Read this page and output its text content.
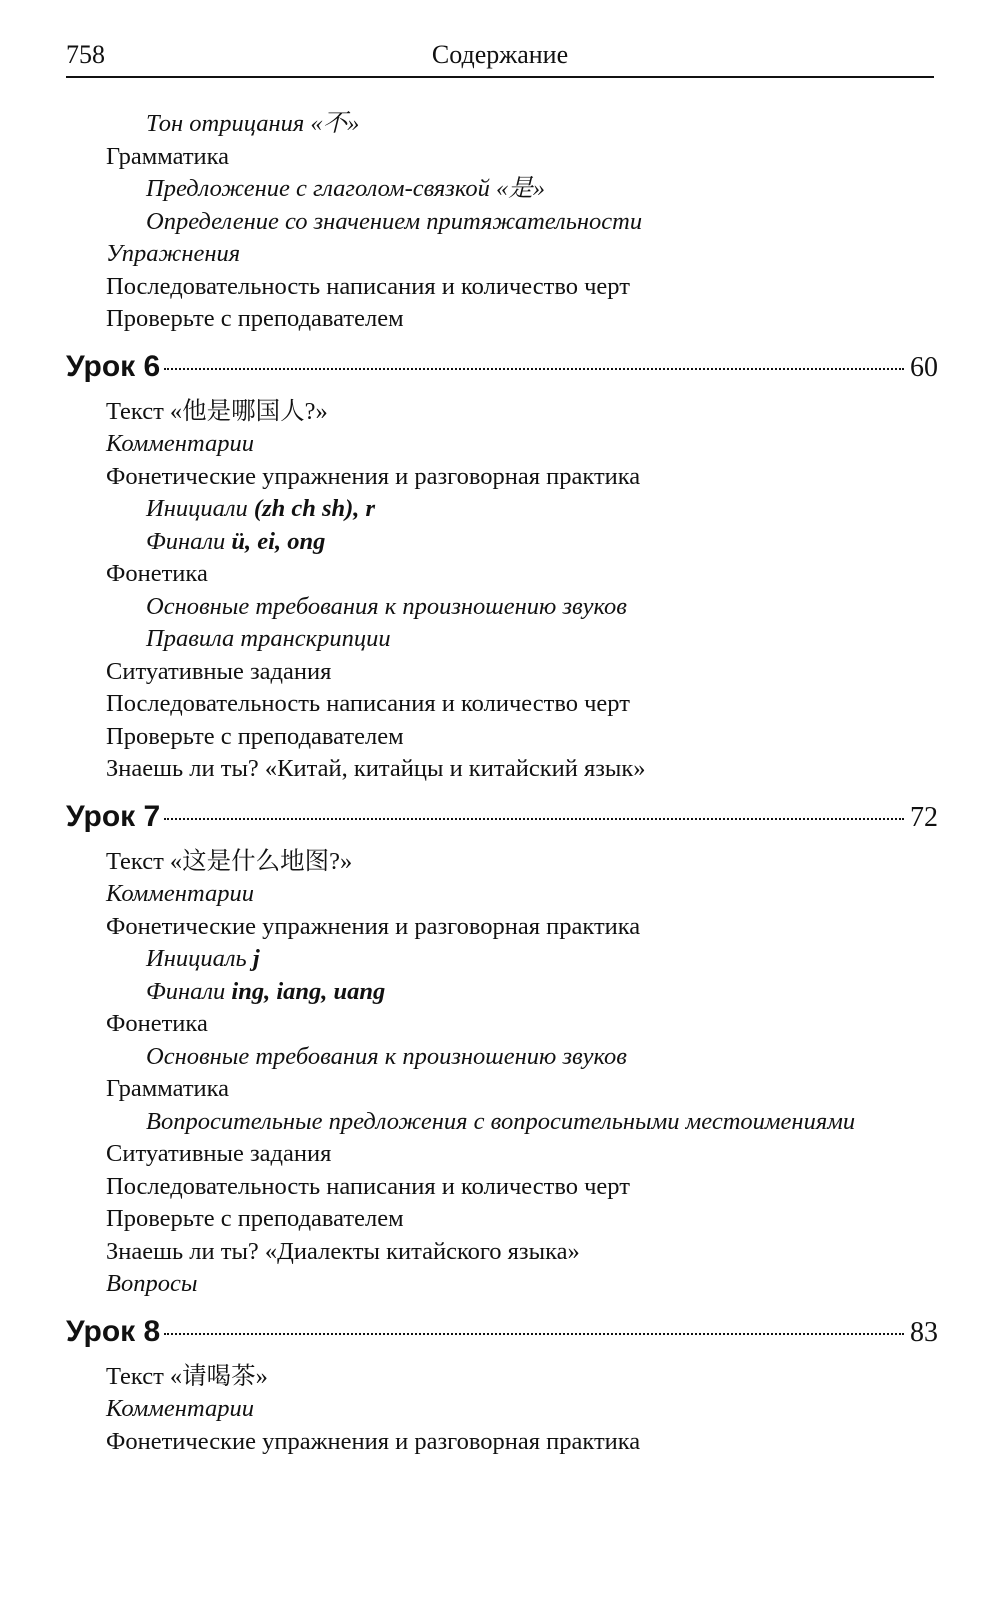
758	Содержание
Тон отрицания «不»
Грамматика
Предложение с глаголом-связкой «是»
Определение со значением притяжательности
Упражнения
Последовательность написания и количество черт
Проверьте с преподавателем
Урок 6	60
Текст «他是哪国人?»
Комментарии
Фонетические упражнения и разговорная практика
Инициали (zh ch sh), r
Финали ü, ei, ong
Фонетика
Основные требования к произношению звуков
Правила транскрипции
Ситуативные задания
Последовательность написания и количество черт
Проверьте с преподавателем
Знаешь ли ты? «Китай, китайцы и китайский язык»
Урок 7	72
Текст «这是什么地图?»
Комментарии
Фонетические упражнения и разговорная практика
Инициаль j
Финали ing, iang, uang
Фонетика
Основные требования к произношению звуков
Грамматика
Вопросительные предложения с вопросительными местоимениями
Ситуативные задания
Последовательность написания и количество черт
Проверьте с преподавателем
Знаешь ли ты? «Диалекты китайского языка»
Вопросы
Урок 8	83
Текст «请喝茶»
Комментарии
Фонетические упражнения и разговорная практика
